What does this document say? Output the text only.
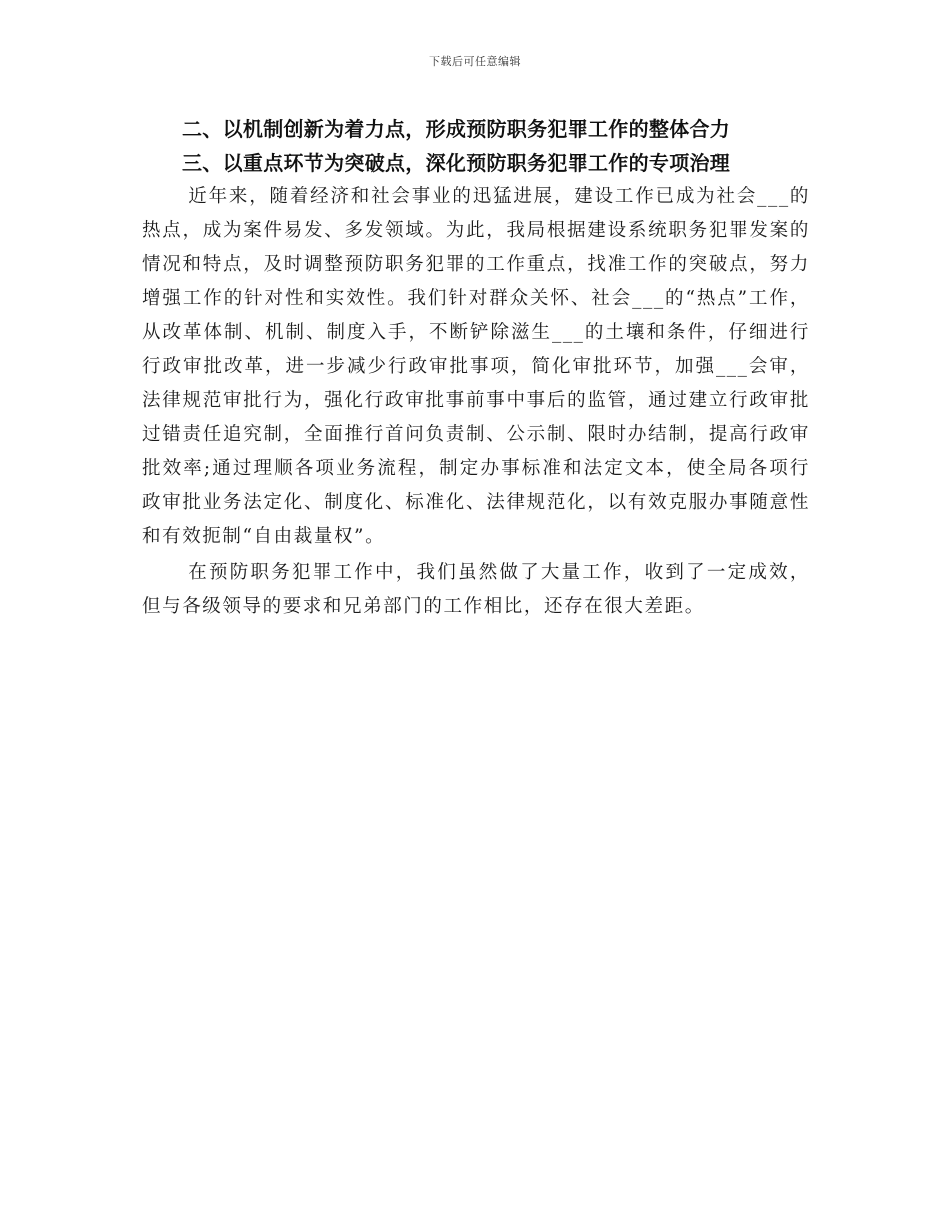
下载后可任意编辑
二、以机制创新为着力点，形成预防职务犯罪工作的整体合力
三、以重点环节为突破点，深化预防职务犯罪工作的专项治理

近年来，随着经济和社会事业的迅猛进展，建设工作已成为社会___的热点，成为案件易发、多发领域。为此，我局根据建设系统职务犯罪发案的情况和特点，及时调整预防职务犯罪的工作重点，找准工作的突破点，努力增强工作的针对性和实效性。我们针对群众关怀、社会___的“热点”工作，从改革体制、机制、制度入手，不断铲除滋生___的土壤和条件，仔细进行行政审批改革，进一步减少行政审批事项，简化审批环节，加强___会审，法律规范审批行为，强化行政审批事前事中事后的监管，通过建立行政审批过错责任追究制，全面推行首问负责制、公示制、限时办结制，提高行政审批效率;通过理顺各项业务流程，制定办事标准和法定文本，使全局各项行政审批业务法定化、制度化、标准化、法律规范化，以有效克服办事随意性和有效扼制“自由裁量权”。

在预防职务犯罪工作中，我们虽然做了大量工作，收到了一定成效，但与各级领导的要求和兄弟部门的工作相比，还存在很大差距。
